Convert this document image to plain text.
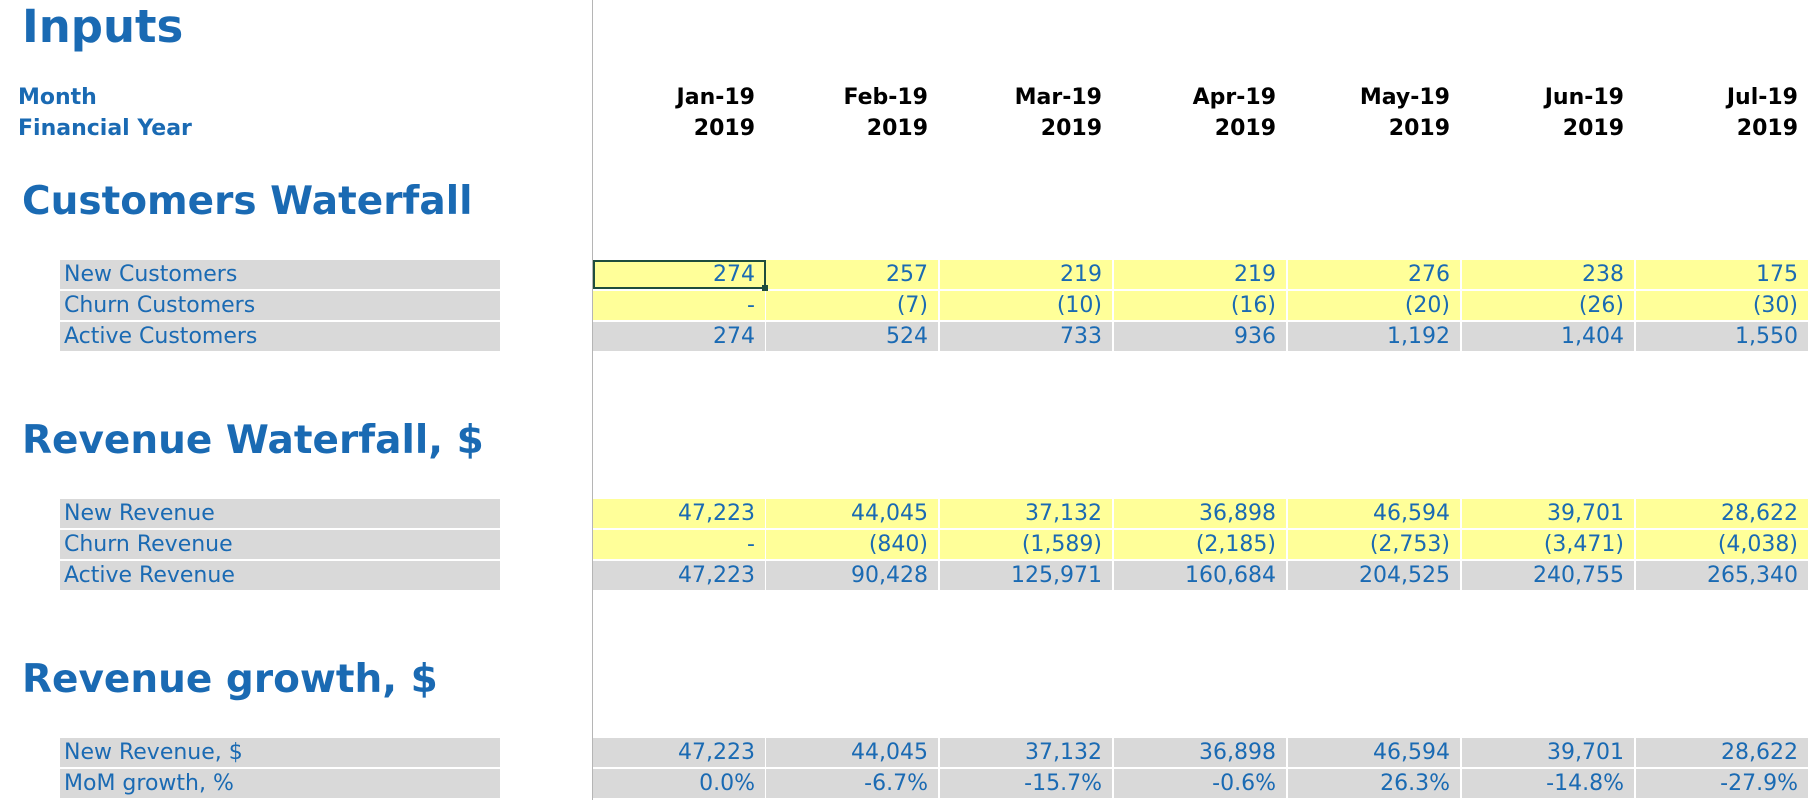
Inputs
Month
Financial Year
Jan-19	Feb-19	Mar-19	Apr-19	May-19	Jun-19	Jul-19
2019	2019	2019	2019	2019	2019	2019
Customers Waterfall
New Customers	274	257	219	219	276	238	175
Churn Customers	-	(7)	(10)	(16)	(20)	(26)	(30)
Active Customers	274	524	733	936	1,192	1,404	1,550
Revenue Waterfall, $
New Revenue	47,223	44,045	37,132	36,898	46,594	39,701	28,622
Churn Revenue	-	(840)	(1,589)	(2,185)	(2,753)	(3,471)	(4,038)
Active Revenue	47,223	90,428	125,971	160,684	204,525	240,755	265,340
Revenue growth, $
New Revenue, $	47,223	44,045	37,132	36,898	46,594	39,701	28,622
MoM growth, %	0.0%	-6.7%	-15.7%	-0.6%	26.3%	-14.8%	-27.9%
